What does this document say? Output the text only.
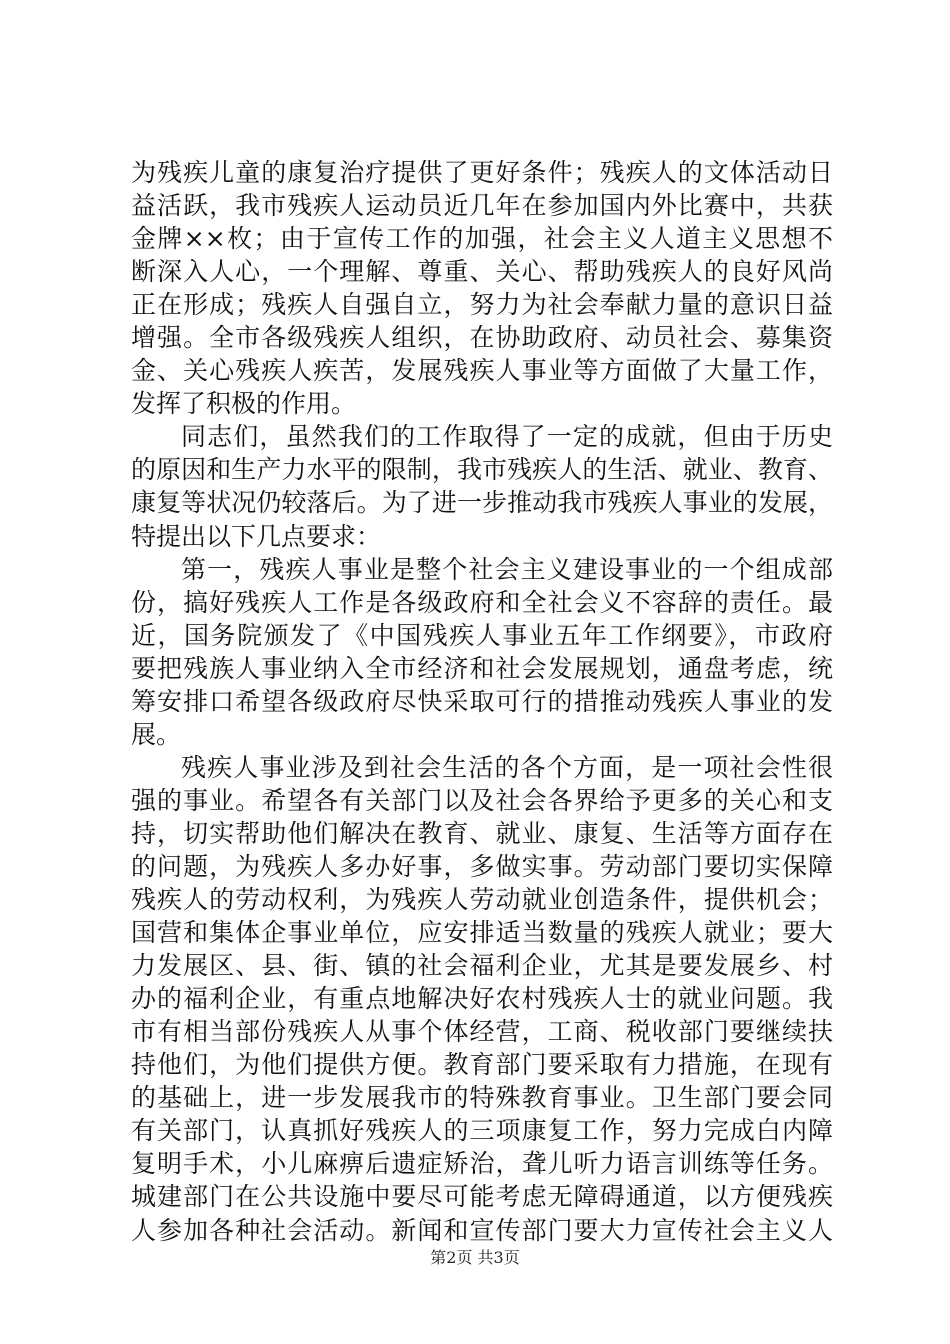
为残疾儿童的康复治疗提供了更好条件；残疾人的文体活动日
益活跃，我市残疾人运动员近几年在参加国内外比赛中，共获
金牌××枚；由于宣传工作的加强，社会主义人道主义思想不
断深入人心，一个理解、尊重、关心、帮助残疾人的良好风尚
正在形成；残疾人自强自立，努力为社会奉献力量的意识日益
增强。全市各级残疾人组织，在协助政府、动员社会、募集资
金、关心残疾人疾苦，发展残疾人事业等方面做了大量工作，
发挥了积极的作用。
同志们，虽然我们的工作取得了一定的成就，但由于历史
的原因和生产力水平的限制，我市残疾人的生活、就业、教育、
康复等状况仍较落后。为了进一步推动我市残疾人事业的发展，
特提出以下几点要求：
第一，残疾人事业是整个社会主义建设事业的一个组成部
份，搞好残疾人工作是各级政府和全社会义不容辞的责任。最
近，国务院颁发了《中国残疾人事业五年工作纲要》，市政府
要把残族人事业纳入全市经济和社会发展规划，通盘考虑，统
筹安排口希望各级政府尽快采取可行的措推动残疾人事业的发
展。
残疾人事业涉及到社会生活的各个方面，是一项社会性很
强的事业。希望各有关部门以及社会各界给予更多的关心和支
持，切实帮助他们解决在教育、就业、康复、生活等方面存在
的问题，为残疾人多办好事，多做实事。劳动部门要切实保障
残疾人的劳动权利，为残疾人劳动就业创造条件，提供机会；
国营和集体企事业单位，应安排适当数量的残疾人就业；要大
力发展区、县、街、镇的社会福利企业，尤其是要发展乡、村
办的福利企业，有重点地解决好农村残疾人士的就业问题。我
市有相当部份残疾人从事个体经营，工商、税收部门要继续扶
持他们，为他们提供方便。教育部门要采取有力措施，在现有
的基础上，进一步发展我市的特殊教育事业。卫生部门要会同
有关部门，认真抓好残疾人的三项康复工作，努力完成白内障
复明手术，小儿麻痹后遗症矫治，聋儿听力语言训练等任务。
城建部门在公共设施中要尽可能考虑无障碍通道，以方便残疾
人参加各种社会活动。新闻和宣传部门要大力宣传社会主义人
第2页 共3页
